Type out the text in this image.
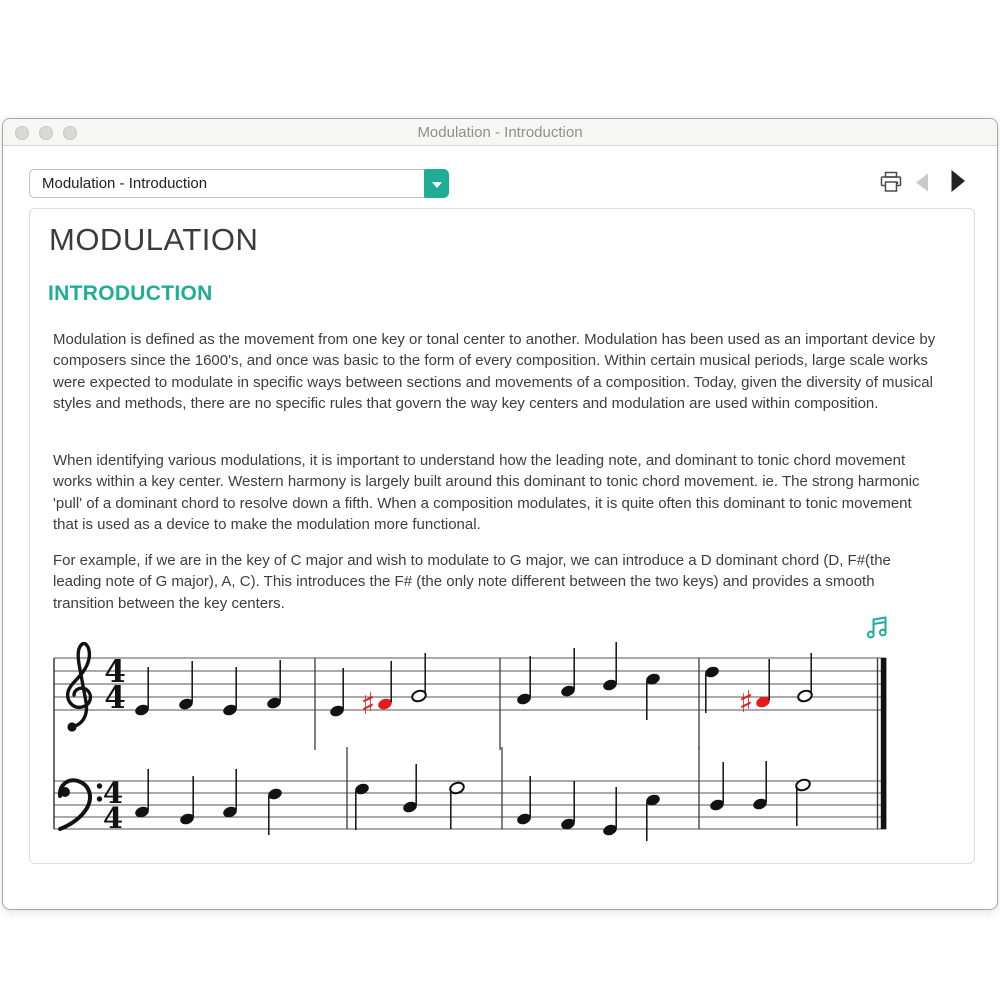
Modulation - Introduction
Modulation - Introduction
MODULATION
INTRODUCTION

Modulation is defined as the movement from one key or tonal center to another. Modulation has been used as an important device by composers since the 1600's, and once was basic to the form of every composition. Within certain musical periods, large scale works were expected to modulate in specific ways between sections and movements of a composition. Today, given the diversity of musical styles and methods, there are no specific rules that govern the way key centers and modulation are used within composition.

When identifying various modulations, it is important to understand how the leading note, and dominant to tonic chord movement works within a key center. Western harmony is largely built around this dominant to tonic chord movement. ie. The strong harmonic 'pull' of a dominant chord to resolve down a fifth. When a composition modulates, it is quite often this dominant to tonic movement that is used as a device to make the modulation more functional.

For example, if we are in the key of C major and wish to modulate to G major, we can introduce a D dominant chord (D, F#(the leading note of G major), A, C). This introduces the F# (the only note different between the two keys) and provides a smooth transition between the key centers.

4
4	♯	♯
4
4
